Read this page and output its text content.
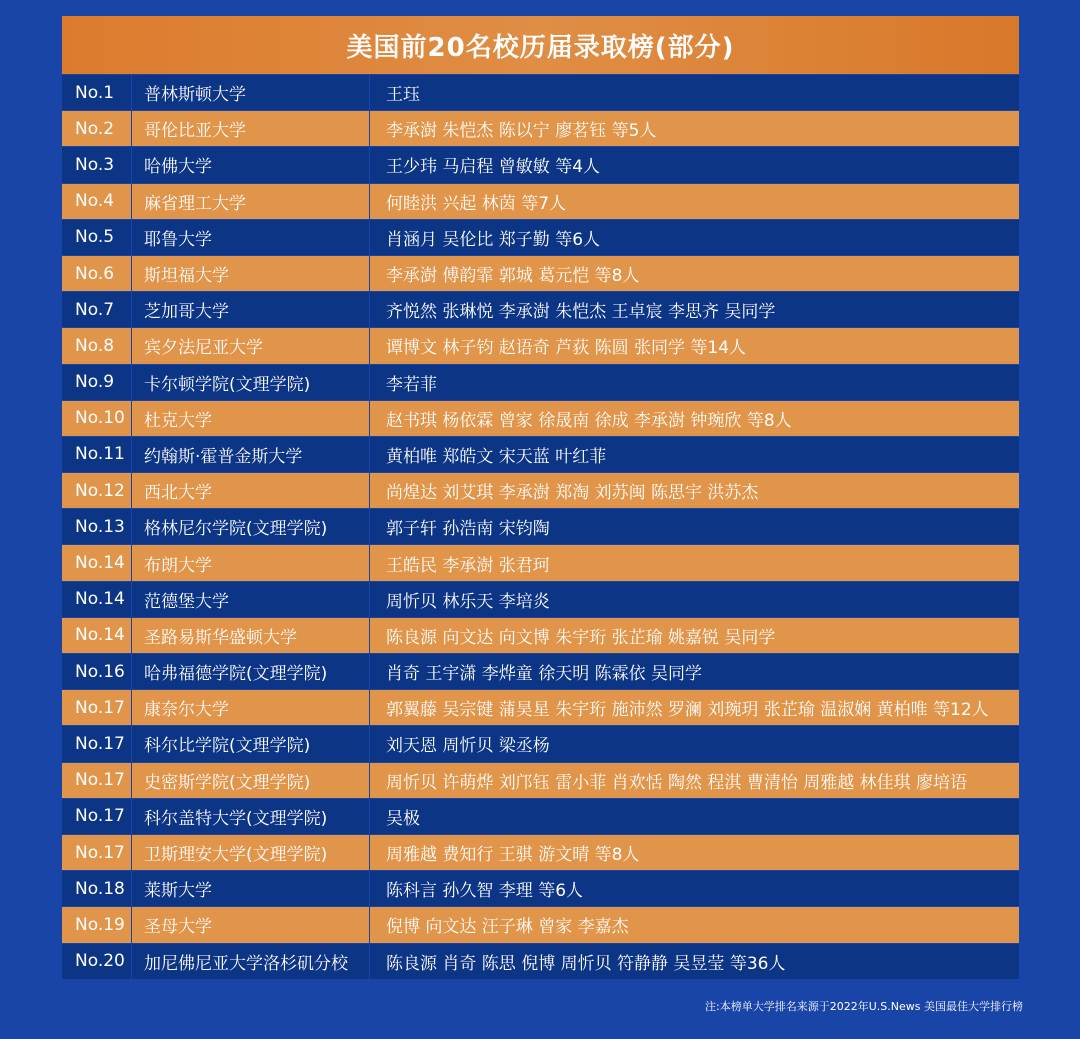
美国前20名校历届录取榜(部分)
No.1	普林斯顿大学	王珏
No.2	哥伦比亚大学	李承澍 朱恺杰 陈以宁 廖茗钰 等5人
No.3	哈佛大学	王少玮 马启程 曾敏敏 等4人
No.4	麻省理工大学	何睦洪 兴起 林茵 等7人
No.5	耶鲁大学	肖涵月 吴伦比 郑子勤 等6人
No.6	斯坦福大学	李承澍 傅韵霏 郭城 葛元恺 等8人
No.7	芝加哥大学	齐悦然 张琳悦 李承澍 朱恺杰 王卓宸 李思齐 吴同学
No.8	宾夕法尼亚大学	谭博文 林子钧 赵语奇 芦荻 陈圆 张同学 等14人
No.9	卡尔顿学院(文理学院)	李若菲
No.10	杜克大学	赵书琪 杨依霖 曾家 徐晟南 徐成 李承澍 钟琬欣 等8人
No.11	约翰斯·霍普金斯大学	黄柏唯 郑皓文 宋天蓝 叶红菲
No.12	西北大学	尚煌达 刘艾琪 李承澍 郑淘 刘苏闽 陈思宇 洪苏杰
No.13	格林尼尔学院(文理学院)	郭子轩 孙浩南 宋钧陶
No.14	布朗大学	王皓民 李承澍 张君珂
No.14	范德堡大学	周忻贝 林乐天 李培炎
No.14	圣路易斯华盛顿大学	陈良源 向文达 向文博 朱宇珩 张芷瑜 姚嘉锐 吴同学
No.16	哈弗福德学院(文理学院)	肖奇 王宇潇 李烨童 徐天明 陈霖依 吴同学
No.17	康奈尔大学	郭翼藤 吴宗键 蒲昊星 朱宇珩 施沛然 罗澜 刘琬玥 张芷瑜 温淑娴 黄柏唯 等12人
No.17	科尔比学院(文理学院)	刘天恩 周忻贝 梁丞杨
No.17	史密斯学院(文理学院)	周忻贝 许萌烨 刘邝钰 雷小菲 肖欢恬 陶然 程淇 曹清怡 周雅越 林佳琪 廖培语
No.17	科尔盖特大学(文理学院)	吴极
No.17	卫斯理安大学(文理学院)	周雅越 费知行 王骐 游文晴 等8人
No.18	莱斯大学	陈科言 孙久智 李理 等6人
No.19	圣母大学	倪博 向文达 汪子琳 曾家 李嘉杰
No.20	加尼佛尼亚大学洛杉矶分校	陈良源 肖奇 陈思 倪博 周忻贝 符静静 吴昱莹 等36人
注:本榜单大学排名来源于2022年U.S.News 美国最佳大学排行榜
